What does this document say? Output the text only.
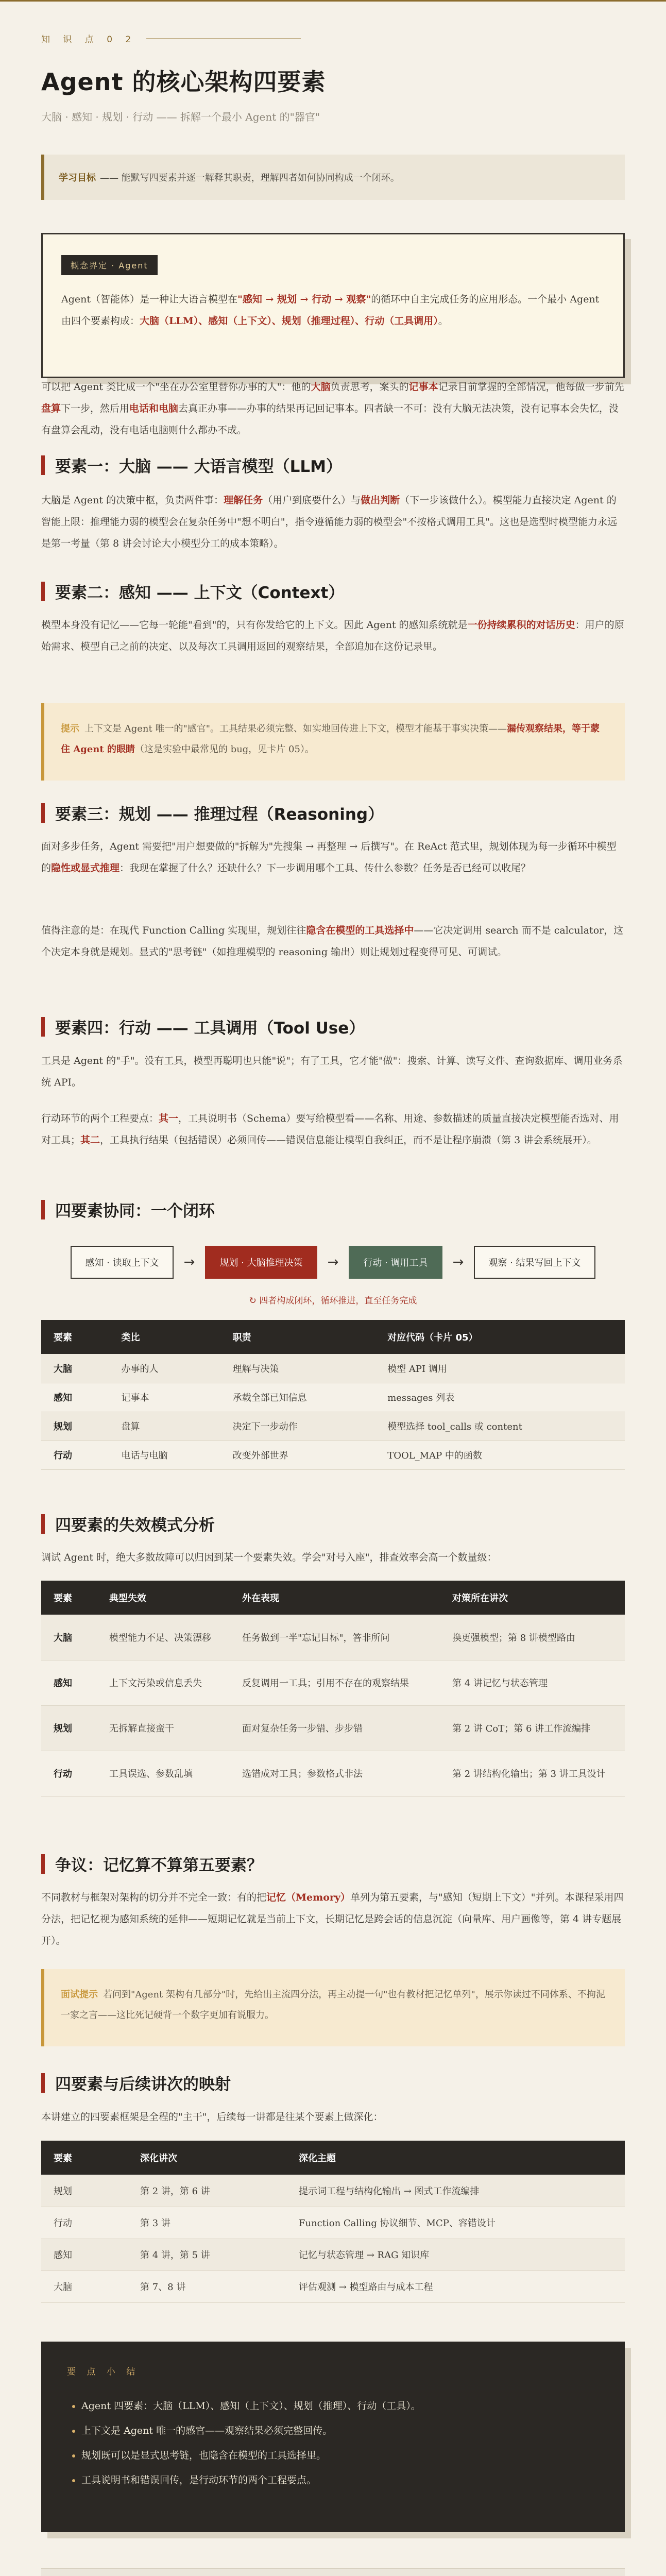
知 识 点 0 2
Agent 的核心架构四要素
大脑 · 感知 · 规划 · 行动 —— 拆解一个最小 Agent 的"器官"
学习目标 —— 能默写四要素并逐一解释其职责，理解四者如何协同构成一个闭环。
概念界定 · Agent

Agent（智能体）是一种让大语言模型在"感知 → 规划 → 行动 → 观察"的循环中自主完成任务的应用形态。一个最小 Agent 由四个要素构成：大脑（LLM）、感知（上下文）、规划（推理过程）、行动（工具调用）。

可以把 Agent 类比成一个"坐在办公室里替你办事的人"：他的大脑负责思考，案头的记事本记录目前掌握的全部情况，他每做一步前先盘算下一步，然后用电话和电脑去真正办事——办事的结果再记回记事本。四者缺一不可：没有大脑无法决策，没有记事本会失忆，没有盘算会乱动，没有电话电脑则什么都办不成。

要素一：大脑 —— 大语言模型（LLM）

大脑是 Agent 的决策中枢，负责两件事：理解任务（用户到底要什么）与做出判断（下一步该做什么）。模型能力直接决定 Agent 的智能上限：推理能力弱的模型会在复杂任务中"想不明白"，指令遵循能力弱的模型会"不按格式调用工具"。这也是选型时模型能力永远是第一考量（第 8 讲会讨论大小模型分工的成本策略）。

要素二：感知 —— 上下文（Context）

模型本身没有记忆——它每一轮能"看到"的，只有你发给它的上下文。因此 Agent 的感知系统就是一份持续累积的对话历史：用户的原始需求、模型自己之前的决定、以及每次工具调用返回的观察结果，全部追加在这份记录里。

提示 上下文是 Agent 唯一的"感官"。工具结果必须完整、如实地回传进上下文，模型才能基于事实决策——漏传观察结果，等于蒙住 Agent 的眼睛（这是实验中最常见的 bug，见卡片 05）。
要素三：规划 —— 推理过程（Reasoning）

面对多步任务，Agent 需要把"用户想要做的"拆解为"先搜集 → 再整理 → 后撰写"。在 ReAct 范式里，规划体现为每一步循环中模型的隐性或显式推理：我现在掌握了什么？还缺什么？下一步调用哪个工具、传什么参数？任务是否已经可以收尾？

值得注意的是：在现代 Function Calling 实现里，规划往往隐含在模型的工具选择中——它决定调用 search 而不是 calculator，这个决定本身就是规划。显式的"思考链"（如推理模型的 reasoning 输出）则让规划过程变得可见、可调试。

要素四：行动 —— 工具调用（Tool Use）

工具是 Agent 的"手"。没有工具，模型再聪明也只能"说"；有了工具，它才能"做"：搜索、计算、读写文件、查询数据库、调用业务系统 API。

行动环节的两个工程要点：其一，工具说明书（Schema）要写给模型看——名称、用途、参数描述的质量直接决定模型能否选对、用对工具；其二，工具执行结果（包括错误）必须回传——错误信息能让模型自我纠正，而不是让程序崩溃（第 3 讲会系统展开）。

四要素协同：一个闭环
感知 · 读取上下文	→	规划 · 大脑推理决策	→	行动 · 调用工具	→	观察 · 结果写回上下文
↻ 四者构成闭环，循环推进，直至任务完成
要素	类比	职责	对应代码（卡片 05）
大脑	办事的人	理解与决策	模型 API 调用
感知	记事本	承载全部已知信息	messages 列表
规划	盘算	决定下一步动作	模型选择 tool_calls 或 content
行动	电话与电脑	改变外部世界	TOOL_MAP 中的函数
四要素的失效模式分析

调试 Agent 时，绝大多数故障可以归因到某一个要素失效。学会"对号入座"，排查效率会高一个数量级：

要素	典型失效	外在表现	对策所在讲次
大脑	模型能力不足、决策漂移	任务做到一半"忘记目标"，答非所问	换更强模型；第 8 讲模型路由
感知	上下文污染或信息丢失	反复调用一工具；引用不存在的观察结果	第 4 讲记忆与状态管理
规划	无拆解直接蛮干	面对复杂任务一步错、步步错	第 2 讲 CoT；第 6 讲工作流编排
行动	工具误选、参数乱填	选错成对工具；参数格式非法	第 2 讲结构化输出；第 3 讲工具设计
争议：记忆算不算第五要素？

不同教材与框架对架构的切分并不完全一致：有的把记忆（Memory）单列为第五要素，与"感知（短期上下文）"并列。本课程采用四分法，把记忆视为感知系统的延伸——短期记忆就是当前上下文，长期记忆是跨会话的信息沉淀（向量库、用户画像等，第 4 讲专题展开）。

面试提示 若问到"Agent 架构有几部分"时，先给出主流四分法，再主动提一句"也有教材把记忆单列"，展示你读过不同体系、不拘泥一家之言——这比死记硬背一个数字更加有说服力。
四要素与后续讲次的映射

本讲建立的四要素框架是全程的"主干"，后续每一讲都是往某个要素上做深化：

要素	深化讲次	深化主题
规划	第 2 讲，第 6 讲	提示词工程与结构化输出 → 图式工作流编排
行动	第 3 讲	Function Calling 协议细节、MCP、容错设计
感知	第 4 讲，第 5 讲	记忆与状态管理 → RAG 知识库
大脑	第 7、8 讲	评估观测 → 模型路由与成本工程
要 点 小 结
• Agent 四要素：大脑（LLM）、感知（上下文）、规划（推理）、行动（工具）。
• 上下文是 Agent 唯一的感官——观察结果必须完整回传。
• 规划既可以是显式思考链，也隐含在模型的工具选择里。
• 工具说明书和错误回传，是行动环节的两个工程要点。
